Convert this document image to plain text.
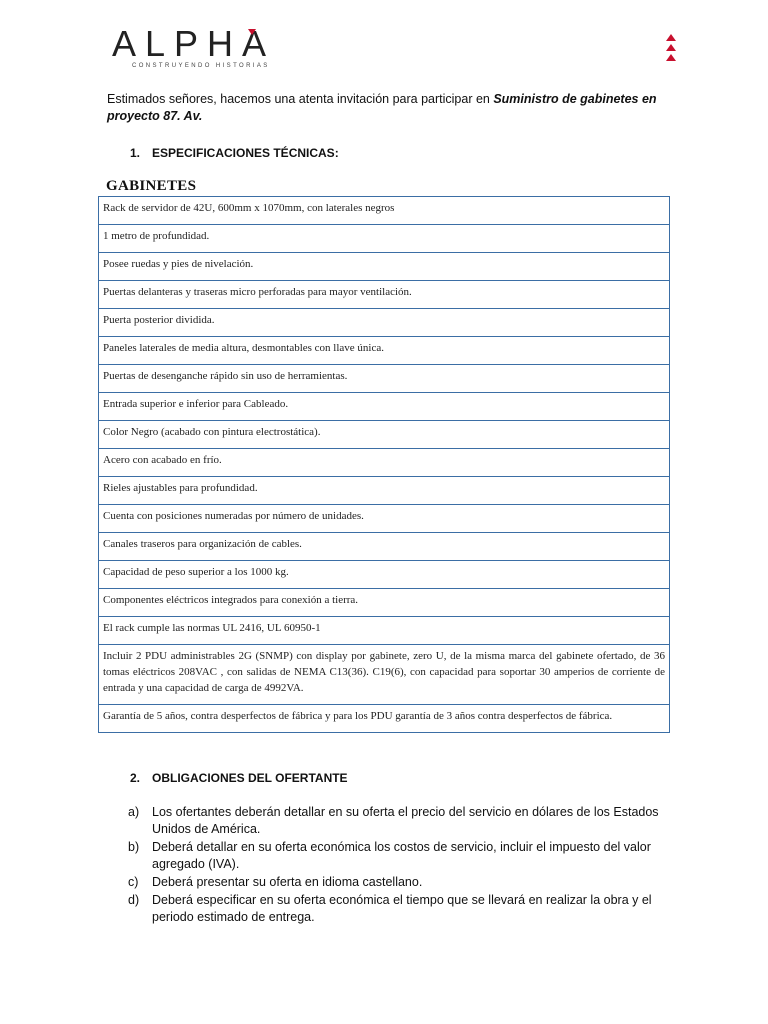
ALPHA
CONSTRUYENDO HISTORIAS

Estimados señores, hacemos una atenta invitación para participar en Suministro de gabinetes en proyecto 87. Av.

1. ESPECIFICACIONES TÉCNICAS:
GABINETES
Rack de servidor de 42U, 600mm x 1070mm, con laterales negros
1 metro de profundidad.
Posee ruedas y pies de nivelación.
Puertas delanteras y traseras micro perforadas para mayor ventilación.
Puerta posterior dividida.
Paneles laterales de media altura, desmontables con llave única.
Puertas de desenganche rápido sin uso de herramientas.
Entrada superior e inferior para Cableado.
Color Negro (acabado con pintura electrostática).
Acero con acabado en frío.
Rieles ajustables para profundidad.
Cuenta con posiciones numeradas por número de unidades.
Canales traseros para organización de cables.
Capacidad de peso superior a los 1000 kg.
Componentes eléctricos integrados para conexión a tierra.
El rack cumple las normas UL 2416, UL 60950-1
Incluir 2 PDU administrables 2G (SNMP) con display por gabinete, zero U, de la misma marca del gabinete ofertado, de 36 tomas eléctricos 208VAC , con salidas de NEMA C13(36). C19(6), con capacidad para soportar 30 amperios de corriente de entrada y una capacidad de carga de 4992VA.
Garantía de 5 años, contra desperfectos de fábrica y para los PDU garantía de 3 años contra desperfectos de fábrica.
2. OBLIGACIONES DEL OFERTANTE
a) Los ofertantes deberán detallar en su oferta el precio del servicio en dólares de los Estados Unidos de América.
b) Deberá detallar en su oferta económica los costos de servicio, incluir el impuesto del valor agregado (IVA).
c) Deberá presentar su oferta en idioma castellano.
d) Deberá especificar en su oferta económica el tiempo que se llevará en realizar la obra y el periodo estimado de entrega.
